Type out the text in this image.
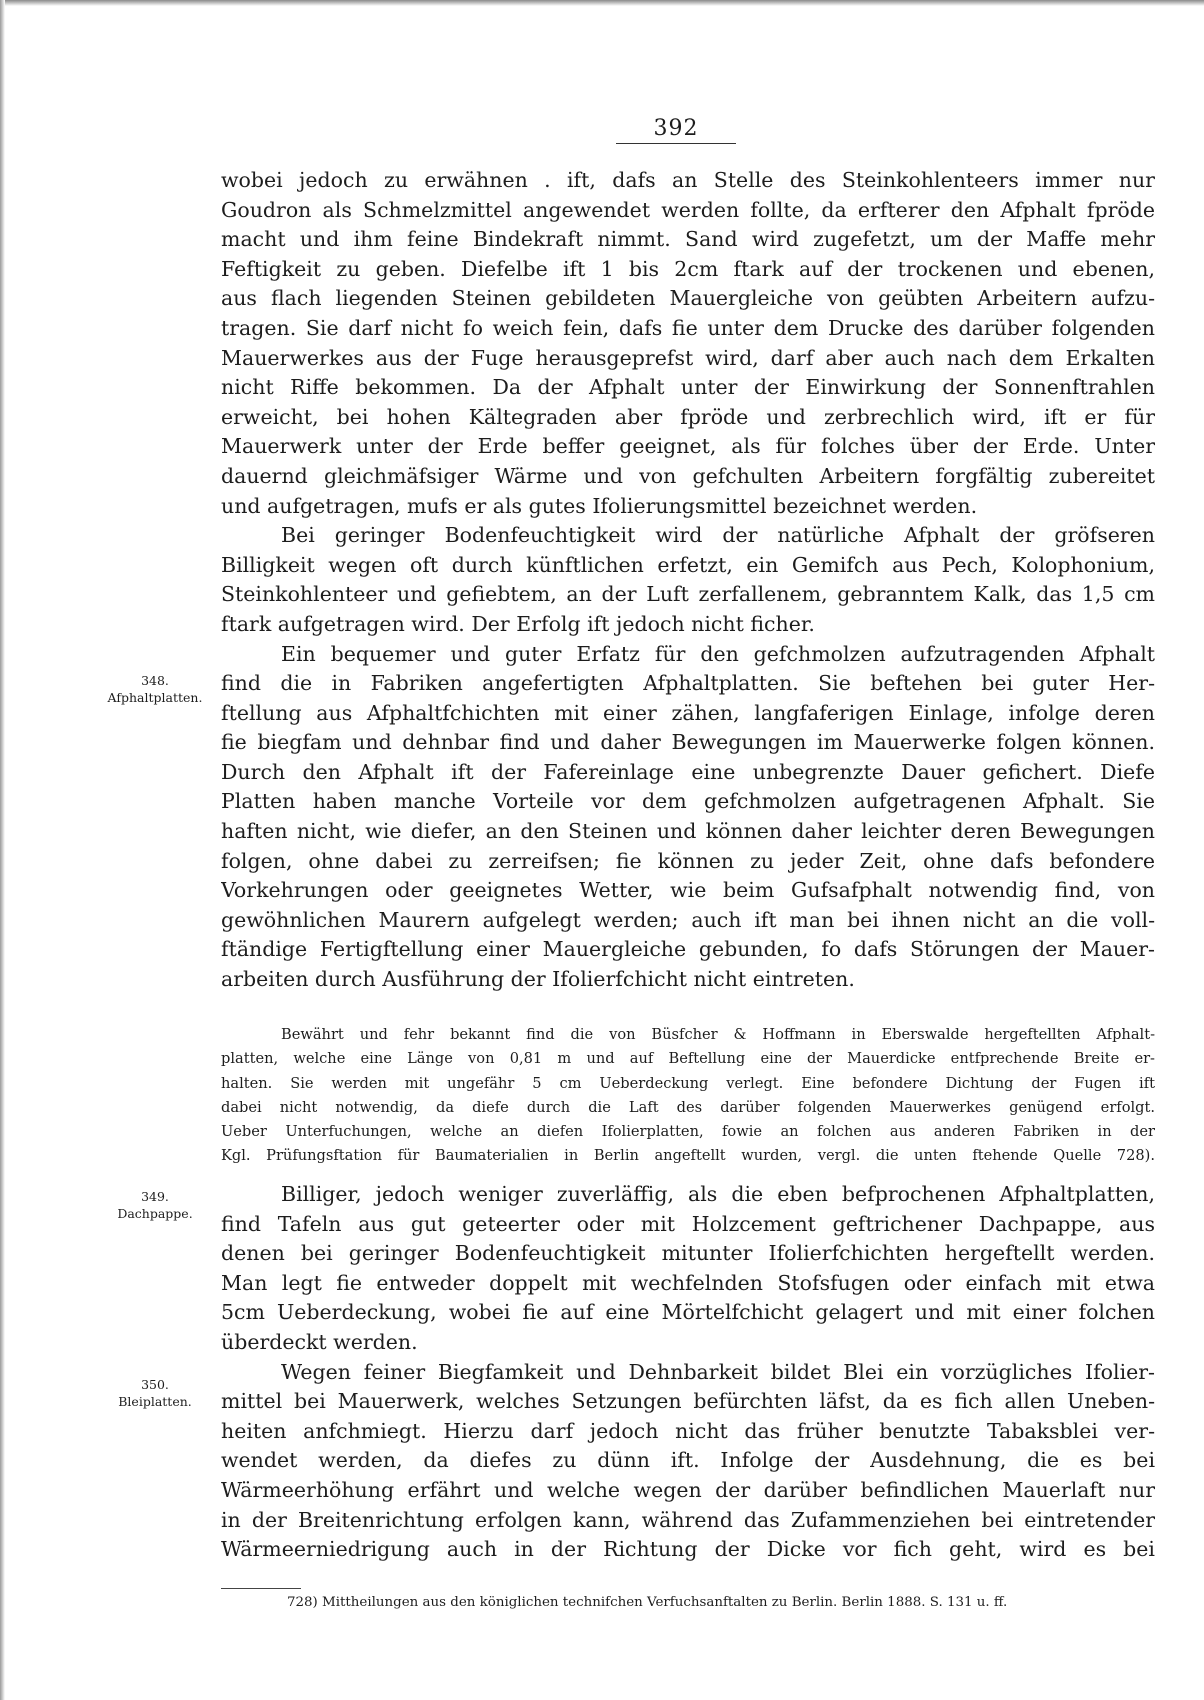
392
348.
Afphaltplatten.
349.
Dachpappe.
350.
Bleiplatten.
wobei jedoch zu erwähnen . ift, dafs an Stelle des Steinkohlenteers immer nur
Goudron als Schmelzmittel angewendet werden follte, da erfterer den Afphalt fpröde
macht und ihm feine Bindekraft nimmt. Sand wird zugefetzt, um der Maffe mehr
Feftigkeit zu geben. Diefelbe ift 1 bis 2cm ftark auf der trockenen und ebenen,
aus flach liegenden Steinen gebildeten Mauergleiche von geübten Arbeitern aufzu-
tragen. Sie darf nicht fo weich fein, dafs fie unter dem Drucke des darüber folgenden
Mauerwerkes aus der Fuge herausgeprefst wird, darf aber auch nach dem Erkalten
nicht Riffe bekommen. Da der Afphalt unter der Einwirkung der Sonnenftrahlen
erweicht, bei hohen Kältegraden aber fpröde und zerbrechlich wird, ift er für
Mauerwerk unter der Erde beffer geeignet, als für folches über der Erde. Unter
dauernd gleichmäfsiger Wärme und von gefchulten Arbeitern forgfältig zubereitet
und aufgetragen, mufs er als gutes Ifolierungsmittel bezeichnet werden.
Bei geringer Bodenfeuchtigkeit wird der natürliche Afphalt der gröfseren
Billigkeit wegen oft durch künftlichen erfetzt, ein Gemifch aus Pech, Kolophonium,
Steinkohlenteer und gefiebtem, an der Luft zerfallenem, gebranntem Kalk, das 1,5 cm
ftark aufgetragen wird. Der Erfolg ift jedoch nicht ficher.
Ein bequemer und guter Erfatz für den gefchmolzen aufzutragenden Afphalt
find die in Fabriken angefertigten Afphaltplatten. Sie beftehen bei guter Her-
ftellung aus Afphaltfchichten mit einer zähen, langfaferigen Einlage, infolge deren
fie biegfam und dehnbar find und daher Bewegungen im Mauerwerke folgen können.
Durch den Afphalt ift der Fafereinlage eine unbegrenzte Dauer gefichert. Diefe
Platten haben manche Vorteile vor dem gefchmolzen aufgetragenen Afphalt. Sie
haften nicht, wie diefer, an den Steinen und können daher leichter deren Bewegungen
folgen, ohne dabei zu zerreifsen; fie können zu jeder Zeit, ohne dafs befondere
Vorkehrungen oder geeignetes Wetter, wie beim Gufsafphalt notwendig find, von
gewöhnlichen Maurern aufgelegt werden; auch ift man bei ihnen nicht an die voll-
ftändige Fertigftellung einer Mauergleiche gebunden, fo dafs Störungen der Mauer-
arbeiten durch Ausführung der Ifolierfchicht nicht eintreten.
Bewährt und fehr bekannt find die von Büsfcher & Hoffmann in Eberswalde hergeftellten Afphalt-
platten, welche eine Länge von 0,81 m und auf Beftellung eine der Mauerdicke entfprechende Breite er-
halten. Sie werden mit ungefähr 5 cm Ueberdeckung verlegt. Eine befondere Dichtung der Fugen ift
dabei nicht notwendig, da diefe durch die Laft des darüber folgenden Mauerwerkes genügend erfolgt.
Ueber Unterfuchungen, welche an diefen Ifolierplatten, fowie an folchen aus anderen Fabriken in der
Kgl. Prüfungsftation für Baumaterialien in Berlin angeftellt wurden, vergl. die unten ftehende Quelle 728).
Billiger, jedoch weniger zuverläffig, als die eben befprochenen Afphaltplatten,
find Tafeln aus gut geteerter oder mit Holzcement geftrichener Dachpappe, aus
denen bei geringer Bodenfeuchtigkeit mitunter Ifolierfchichten hergeftellt werden.
Man legt fie entweder doppelt mit wechfelnden Stofsfugen oder einfach mit etwa
5cm Ueberdeckung, wobei fie auf eine Mörtelfchicht gelagert und mit einer folchen
überdeckt werden.
Wegen feiner Biegfamkeit und Dehnbarkeit bildet Blei ein vorzügliches Ifolier-
mittel bei Mauerwerk, welches Setzungen befürchten läfst, da es fich allen Uneben-
heiten anfchmiegt. Hierzu darf jedoch nicht das früher benutzte Tabaksblei ver-
wendet werden, da diefes zu dünn ift. Infolge der Ausdehnung, die es bei
Wärmeerhöhung erfährt und welche wegen der darüber befindlichen Mauerlaft nur
in der Breitenrichtung erfolgen kann, während das Zufammenziehen bei eintretender
Wärmeerniedrigung auch in der Richtung der Dicke vor fich geht, wird es bei
728) Mittheilungen aus den königlichen technifchen Verfuchsanftalten zu Berlin. Berlin 1888. S. 131 u. ff.
